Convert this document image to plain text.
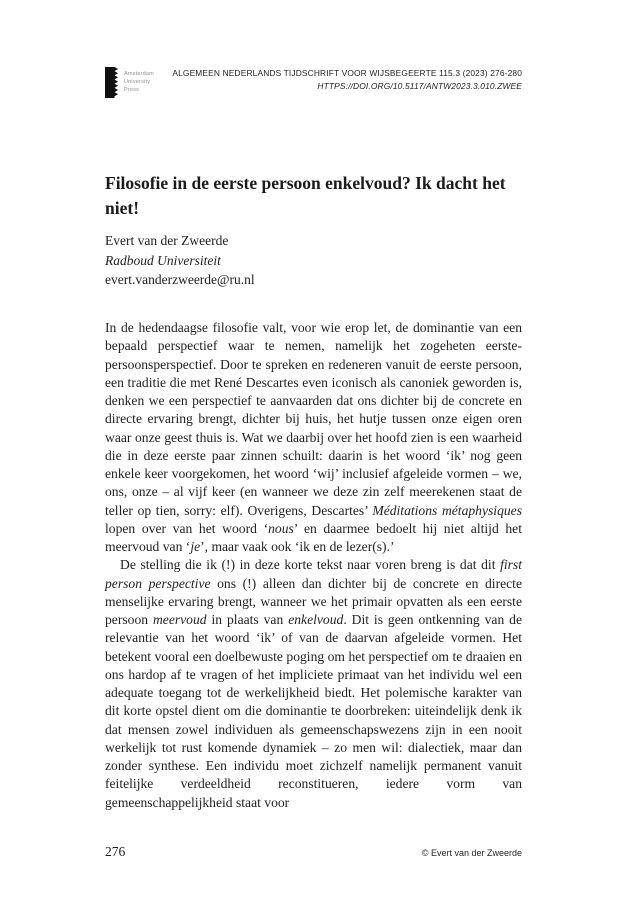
Amsterdam
University
Press
ALGEMEEN NEDERLANDS TIJDSCHRIFT VOOR WIJSBEGEERTE 115.3 (2023) 276-280
HTTPS://DOI.ORG/10.5117/ANTW2023.3.010.ZWEE
Filosofie in de eerste persoon enkelvoud? Ik dacht het niet!
Evert van der Zweerde
Radboud Universiteit
evert.vanderzweerde@ru.nl

In de hedendaagse filosofie valt, voor wie erop let, de dominantie van een bepaald perspectief waar te nemen, namelijk het zogeheten eerste-persoonsperspectief. Door te spreken en redeneren vanuit de eerste persoon, een traditie die met René Descartes even iconisch als canoniek geworden is, denken we een perspectief te aanvaarden dat ons dichter bij de concrete en directe ervaring brengt, dichter bij huis, het hutje tussen onze eigen oren waar onze geest thuis is. Wat we daarbij over het hoofd zien is een waarheid die in deze eerste paar zinnen schuilt: daarin is het woord ‘ik’ nog geen enkele keer voorgekomen, het woord ‘wij’ inclusief afgeleide vormen – we, ons, onze – al vijf keer (en wanneer we deze zin zelf meerekenen staat de teller op tien, sorry: elf). Overigens, Descartes’ Méditations métaphysiques lopen over van het woord ‘nous’ en daarmee bedoelt hij niet altijd het meervoud van ‘je’, maar vaak ook ‘ik en de lezer(s).’

De stelling die ik (!) in deze korte tekst naar voren breng is dat dit first person perspective ons (!) alleen dan dichter bij de concrete en directe menselijke ervaring brengt, wanneer we het primair opvatten als een eerste persoon meervoud in plaats van enkelvoud. Dit is geen ontkenning van de relevantie van het woord ‘ik’ of van de daarvan afgeleide vormen. Het betekent vooral een doelbewuste poging om het perspectief om te draaien en ons hardop af te vragen of het impliciete primaat van het individu wel een adequate toegang tot de werkelijkheid biedt. Het polemische karakter van dit korte opstel dient om die dominantie te doorbreken: uiteindelijk denk ik dat mensen zowel individuen als gemeenschapswezens zijn in een nooit werkelijk tot rust komende dynamiek – zo men wil: dialectiek, maar dan zonder synthese. Een individu moet zichzelf namelijk permanent vanuit feitelijke verdeeldheid reconstitueren, iedere vorm van gemeenschappelijkheid staat voor

276	© Evert van der Zweerde
